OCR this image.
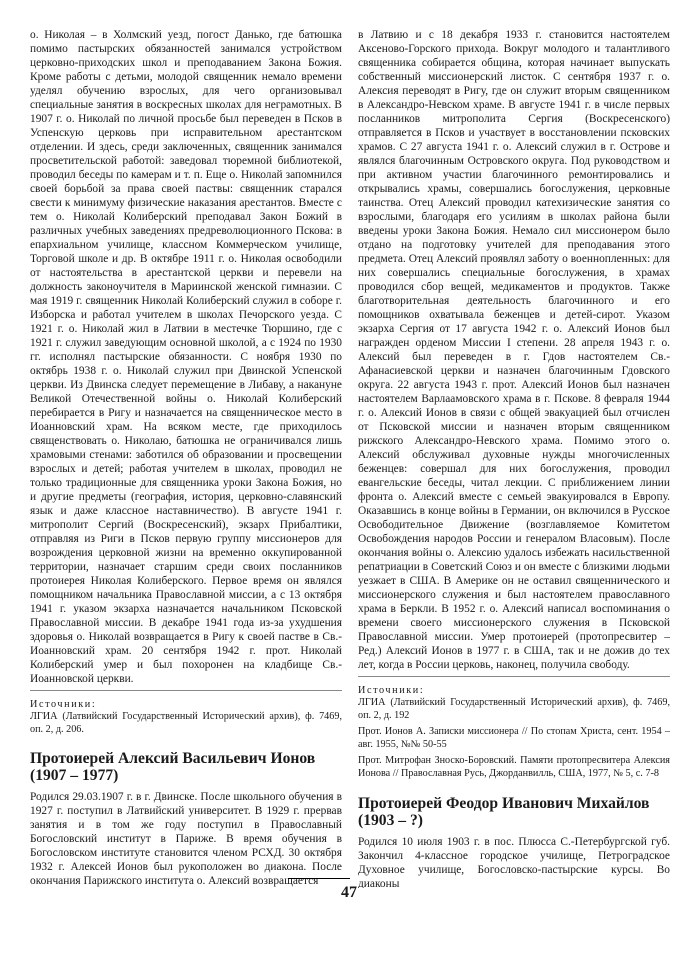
о. Николая – в Холмский уезд, погост Данько, где батюшка помимо пастырских обязанностей занимался устройством церковно-приходских школ и преподаванием Закона Божия. Кроме работы с детьми, молодой священник немало времени уделял обучению взрослых, для чего организовывал специальные занятия в воскресных школах для неграмотных. В 1907 г. о. Николай по личной просьбе был переведен в Псков в Успенскую церковь при исправительном арестантском отделении. И здесь, среди заключенных, священник занимался просветительской работой: заведовал тюремной библиотекой, проводил беседы по камерам и т. п. Еще о. Николай запомнился своей борьбой за права своей паствы: священник старался свести к минимуму физические наказания арестантов. Вместе с тем о. Николай Колиберский преподавал Закон Божий в различных учебных заведениях предреволюционного Пскова: в епархиальном училище, классном Коммерческом училище, Торговой школе и др. В октябре 1911 г. о. Николая освободили от настоятельства в арестантской церкви и перевели на должность законоучителя в Мариинской женской гимназии. С мая 1919 г. священник Николай Колиберский служил в соборе г. Изборска и работал учителем в школах Печорского уезда. С 1921 г. о. Николай жил в Латвии в местечке Тюршино, где с 1921 г. служил заведующим основной школой, а с 1924 по 1930 гг. исполнял пастырские обязанности. С ноября 1930 по октябрь 1938 г. о. Николай служил при Двинской Успенской церкви. Из Двинска следует перемещение в Либаву, а накануне Великой Отечественной войны о. Николай Колиберский перебирается в Ригу и назначается на священническое место в Иоанновский храм. На всяком месте, где приходилось священствовать о. Николаю, батюшка не ограничивался лишь храмовыми стенами: заботился об образовании и просвещении взрослых и детей; работая учителем в школах, проводил не только традиционные для священника уроки Закона Божия, но и другие предметы (география, история, церковно-славянский язык и даже классное наставничество). В августе 1941 г. митрополит Сергий (Воскресенский), экзарх Прибалтики, отправляя из Риги в Псков первую группу миссионеров для возрождения церковной жизни на временно оккупированной территории, назначает старшим среди своих посланников протоиерея Николая Колиберского. Первое время он являлся помощником начальника Православной миссии, а с 13 октября 1941 г. указом экзарха назначается начальником Псковской Православной миссии. В декабре 1941 года из-за ухудшения здоровья о. Николай возвращается в Ригу к своей пастве в Св.-Иоанновский храм. 20 сентября 1942 г. прот. Николай Колиберский умер и был похоронен на кладбище Св.-Иоанновской церкви.

Источники:

ЛГИА (Латвийский Государственный Исторический архив), ф. 7469, оп. 2, д. 206.

Протоиерей Алексий Васильевич Ионов (1907 – 1977)

Родился 29.03.1907 г. в г. Двинске. После школьного обучения в 1927 г. поступил в Латвийский университет. В 1929 г. прервав занятия и в том же году поступил в Православный Богословский институт в Париже. В время обучения в Богословском институте становится членом РСХД. 30 октября 1932 г. Алексей Ионов был рукоположен во диакона. После окончания Парижского института о. Алексий возвращается

в Латвию и с 18 декабря 1933 г. становится настоятелем Аксеново-Горского прихода. Вокруг молодого и талантливого священника собирается община, которая начинает выпускать собственный миссионерский листок. С сентября 1937 г. о. Алексия переводят в Ригу, где он служит вторым священником в Александро-Невском храме. В августе 1941 г. в числе первых посланников митрополита Сергия (Воскресенского) отправляется в Псков и участвует в восстановлении псковских храмов. С 27 августа 1941 г. о. Алексий служил в г. Острове и являлся благочинным Островского округа. Под руководством и при активном участии благочинного ремонтировались и открывались храмы, совершались богослужения, церковные таинства. Отец Алексий проводил катехизические занятия со взрослыми, благодаря его усилиям в школах района были введены уроки Закона Божия. Немало сил миссионером было отдано на подготовку учителей для преподавания этого предмета. Отец Алексий проявлял заботу о военнопленных: для них совершались специальные богослужения, в храмах проводился сбор вещей, медикаментов и продуктов. Также благотворительная деятельность благочинного и его помощников охватывала беженцев и детей-сирот. Указом экзарха Сергия от 17 августа 1942 г. о. Алексий Ионов был награжден орденом Миссии I степени. 28 апреля 1943 г. о. Алексий был переведен в г. Гдов настоятелем Св.-Афанасиевской церкви и назначен благочинным Гдовского округа. 22 августа 1943 г. прот. Алексий Ионов был назначен настоятелем Варлаамовского храма в г. Пскове. 8 февраля 1944 г. о. Алексий Ионов в связи с общей эвакуацией был отчислен от Псковской миссии и назначен вторым священником рижского Александро-Невского храма. Помимо этого о. Алексий обслуживал духовные нужды многочисленных беженцев: совершал для них богослужения, проводил евангельские беседы, читал лекции. С приближением линии фронта о. Алексий вместе с семьей эвакуировался в Европу. Оказавшись в конце войны в Германии, он включился в Русское Освободительное Движение (возглавляемое Комитетом Освобождения народов России и генералом Власовым). После окончания войны о. Алексию удалось избежать насильственной репатриации в Советский Союз и он вместе с близкими людьми уезжает в США. В Америке он не оставил священнического и миссионерского служения и был настоятелем православного храма в Беркли. В 1952 г. о. Алексий написал воспоминания о времени своего миссионерского служения в Псковской Православной миссии. Умер протоиерей (протопресвитер – Ред.) Алексий Ионов в 1977 г. в США, так и не дожив до тех лет, когда в России церковь, наконец, получила свободу.

Источники:

ЛГИА (Латвийский Государственный Исторический архив), ф. 7469, оп. 2, д. 192

Прот. Ионов А. Записки миссионера // По стопам Христа, сент. 1954 – авг. 1955, №№ 50-55

Прот. Митрофан Зноско-Боровский. Памяти протопресвитера Алексия Ионова // Православная Русь, Джорданвилль, США, 1977, № 5, с. 7-8

Протоиерей Феодор Иванович Михайлов (1903 – ?)

Родился 10 июля 1903 г. в пос. Плюсса С.-Петербургской губ. Закончил 4-классное городское училище, Петроградское Духовное училище, Богословско-пастырские курсы. Во диаконы

47
